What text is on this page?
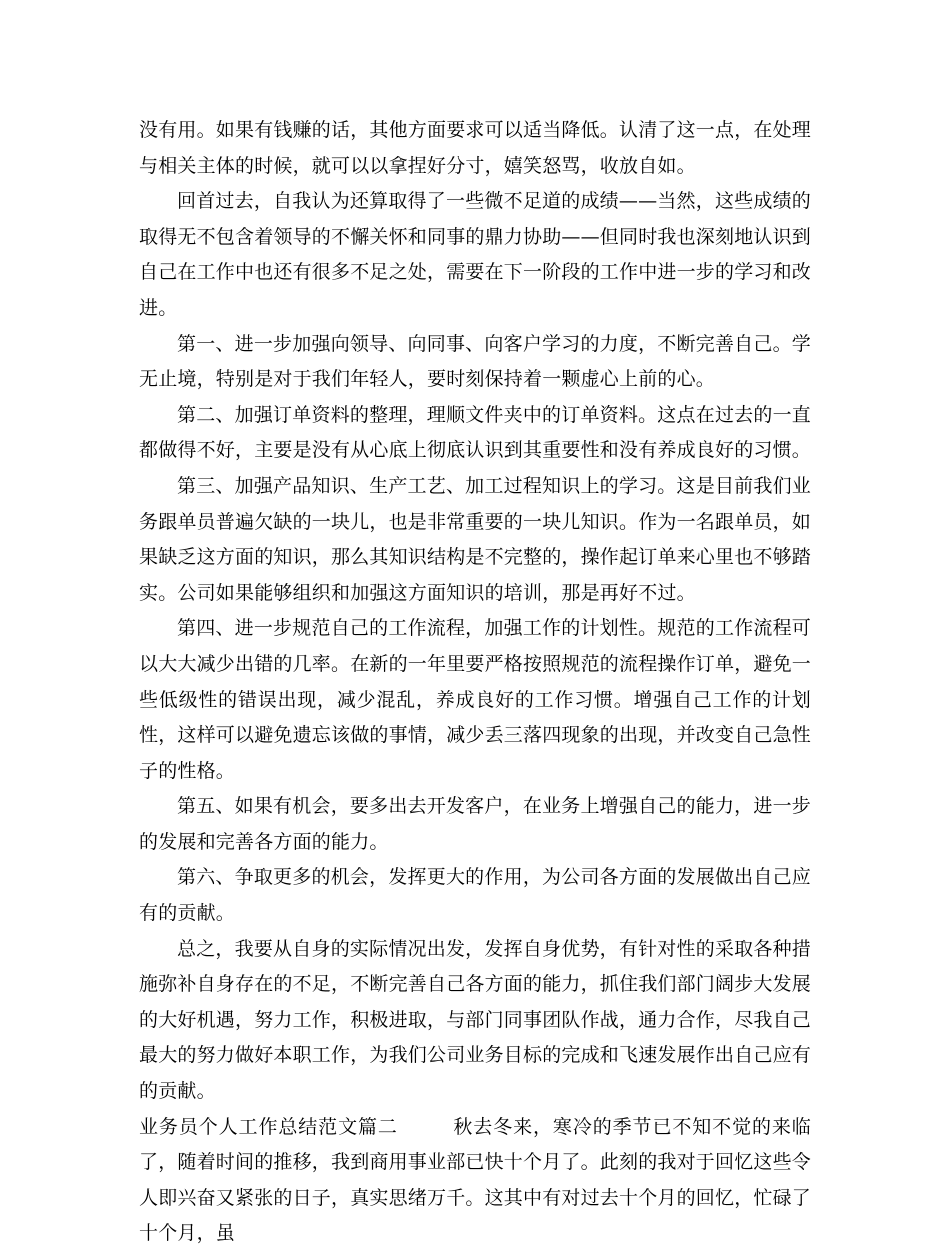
没有用。如果有钱赚的话，其他方面要求可以适当降低。认清了这一点，在处理与相关主体的时候，就可以以拿捏好分寸，嬉笑怒骂，收放自如。

回首过去，自我认为还算取得了一些微不足道的成绩——当然，这些成绩的取得无不包含着领导的不懈关怀和同事的鼎力协助——但同时我也深刻地认识到自己在工作中也还有很多不足之处，需要在下一阶段的工作中进一步的学习和改进。

第一、进一步加强向领导、向同事、向客户学习的力度，不断完善自己。学无止境，特别是对于我们年轻人，要时刻保持着一颗虚心上前的心。

第二、加强订单资料的整理，理顺文件夹中的订单资料。这点在过去的一直都做得不好，主要是没有从心底上彻底认识到其重要性和没有养成良好的习惯。

第三、加强产品知识、生产工艺、加工过程知识上的学习。这是目前我们业务跟单员普遍欠缺的一块儿，也是非常重要的一块儿知识。作为一名跟单员，如果缺乏这方面的知识，那么其知识结构是不完整的，操作起订单来心里也不够踏实。公司如果能够组织和加强这方面知识的培训，那是再好不过。

第四、进一步规范自己的工作流程，加强工作的计划性。规范的工作流程可以大大减少出错的几率。在新的一年里要严格按照规范的流程操作订单，避免一些低级性的错误出现，减少混乱，养成良好的工作习惯。增强自己工作的计划性，这样可以避免遗忘该做的事情，减少丢三落四现象的出现，并改变自己急性子的性格。

第五、如果有机会，要多出去开发客户，在业务上增强自己的能力，进一步的发展和完善各方面的能力。

第六、争取更多的机会，发挥更大的作用，为公司各方面的发展做出自己应有的贡献。

总之，我要从自身的实际情况出发，发挥自身优势，有针对性的采取各种措施弥补自身存在的不足，不断完善自己各方面的能力，抓住我们部门阔步大发展的大好机遇，努力工作，积极进取，与部门同事团队作战，通力合作，尽我自己最大的努力做好本职工作，为我们公司业务目标的完成和飞速发展作出自己应有的贡献。

业务员个人工作总结范文篇二	秋去冬来，寒冷的季节已不知不觉的来临了，随着时间的推移，我到商用事业部已快十个月了。此刻的我对于回忆这些令人即兴奋又紧张的日子，真实思绪万千。这其中有对过去十个月的回忆，忙碌了十个月，虽
